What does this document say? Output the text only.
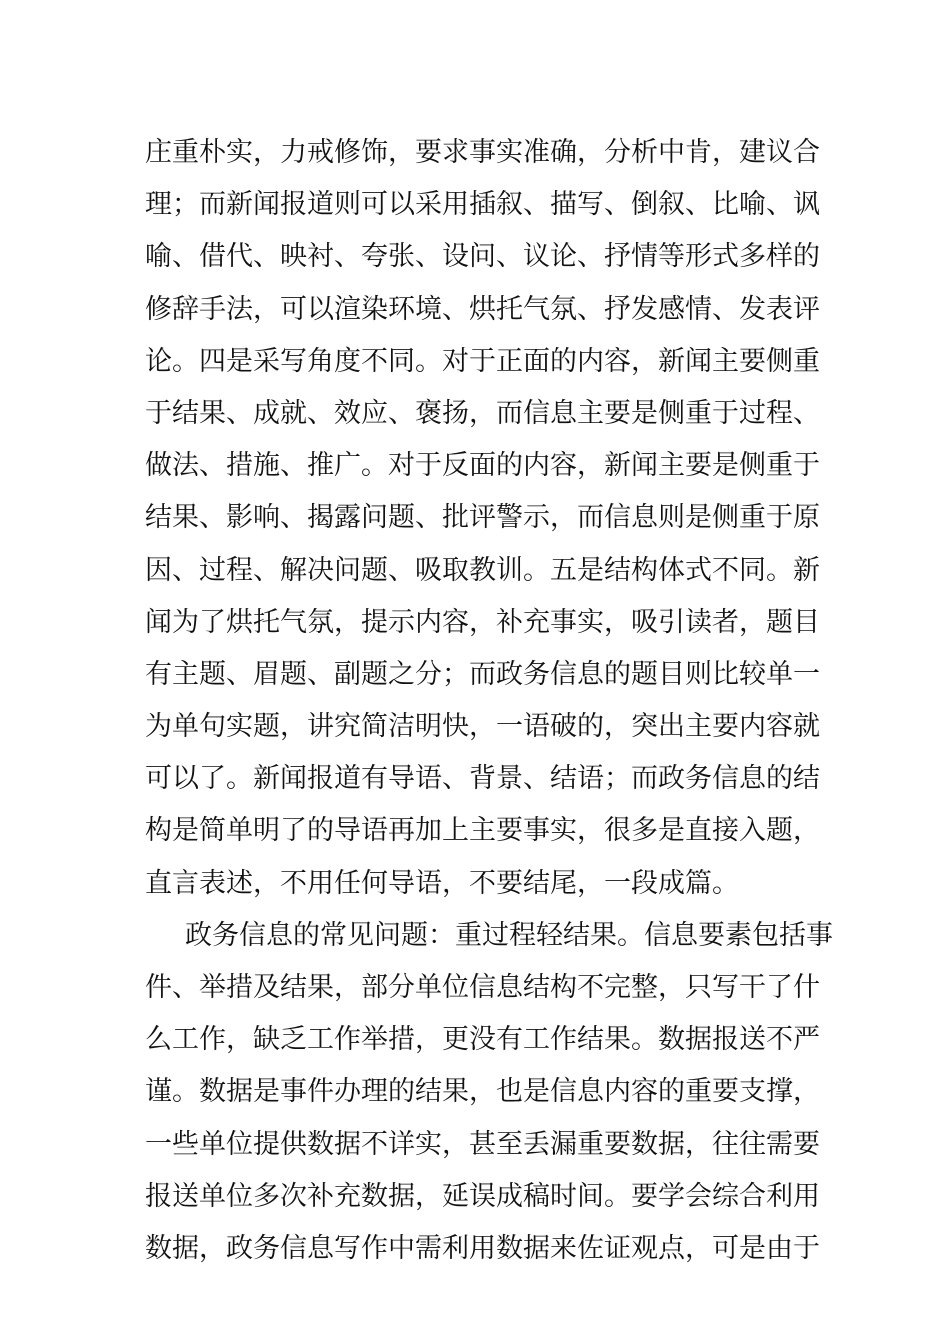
庄重朴实，力戒修饰，要求事实准确，分析中肯，建议合
理；而新闻报道则可以采用插叙、描写、倒叙、比喻、讽
喻、借代、映衬、夸张、设问、议论、抒情等形式多样的
修辞手法，可以渲染环境、烘托气氛、抒发感情、发表评
论。四是采写角度不同。对于正面的内容，新闻主要侧重
于结果、成就、效应、褒扬，而信息主要是侧重于过程、
做法、措施、推广。对于反面的内容，新闻主要是侧重于
结果、影响、揭露问题、批评警示，而信息则是侧重于原
因、过程、解决问题、吸取教训。五是结构体式不同。新
闻为了烘托气氛，提示内容，补充事实，吸引读者，题目
有主题、眉题、副题之分；而政务信息的题目则比较单一
为单句实题，讲究简洁明快，一语破的，突出主要内容就
可以了。新闻报道有导语、背景、结语；而政务信息的结
构是简单明了的导语再加上主要事实，很多是直接入题，
直言表述，不用任何导语，不要结尾，一段成篇。
政务信息的常见问题：重过程轻结果。信息要素包括事
件、举措及结果，部分单位信息结构不完整，只写干了什
么工作，缺乏工作举措，更没有工作结果。数据报送不严
谨。数据是事件办理的结果，也是信息内容的重要支撑，
一些单位提供数据不详实，甚至丢漏重要数据，往往需要
报送单位多次补充数据，延误成稿时间。要学会综合利用
数据，政务信息写作中需利用数据来佐证观点，可是由于
